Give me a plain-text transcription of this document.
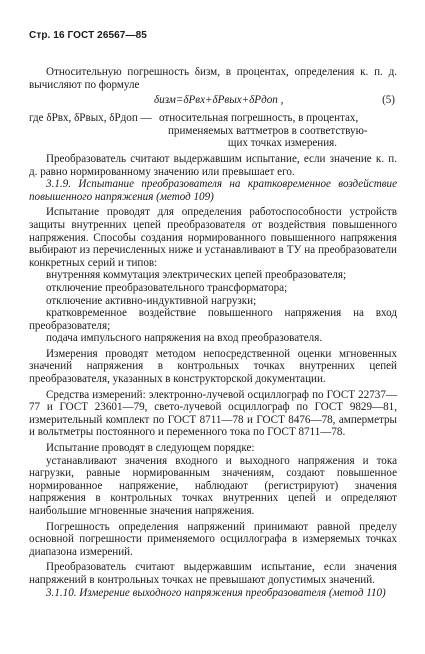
Стр. 16 ГОСТ 26567—85

Относительную погрешность δизм, в процентах, определения к. п. д. вычисляют по формуле

δизм=δPвх+δPвых+δPдоп ,	(5)
где δPвх, δPвых, δPдоп — относительная погрешность, в процентах,
применяемых ваттметров в соответствую-
щих точках измерения.

Преобразователь считают выдержавшим испытание, если значение к. п. д. равно нормированному значению или превышает его.

3.1.9. Испытание преобразователя на кратковременное воздействие повышенного напряжения (метод 109)

Испытание проводят для определения работоспособности устройств защиты внутренних цепей преобразователя от воздействия повышенного напряжения. Способы создания нормированного повышенного напряжения выбирают из перечисленных ниже и устанавливают в ТУ на преобразователи конкретных серий и типов:

внутренняя коммутация электрических цепей преобразователя;

отключение преобразовательного трансформатора;

отключение активно-индуктивной нагрузки;

кратковременное воздействие повышенного напряжения на вход преобразователя;

подача импульсного напряжения на вход преобразователя.

Измерения проводят методом непосредственной оценки мгновенных значений напряжения в контрольных точках внутренних цепей преобразователя, указанных в конструкторской документации.

Средства измерений: электронно-лучевой осциллограф по ГОСТ 22737—77 и ГОСТ 23601—79, свето-лучевой осциллограф по ГОСТ 9829—81, измерительный комплект по ГОСТ 8711—78 и ГОСТ 8476—78, амперметры и вольтметры постоянного и переменного тока по ГОСТ 8711—78.

Испытание проводят в следующем порядке:

устанавливают значения входного и выходного напряжения и тока нагрузки, равные нормированным значениям, создают повышенное нормированное напряжение, наблюдают (регистрируют) значения напряжения в контрольных точках внутренних цепей и определяют наибольшие мгновенные значения напряжения.

Погрешность определения напряжений принимают равной пределу основной погрешности применяемого осциллографа в измеряемых точках диапазона измерений.

Преобразователь считают выдержавшим испытание, если значения напряжений в контрольных точках не превышают допустимых значений.

3.1.10. Измерение выходного напряжения преобразователя (метод 110)
